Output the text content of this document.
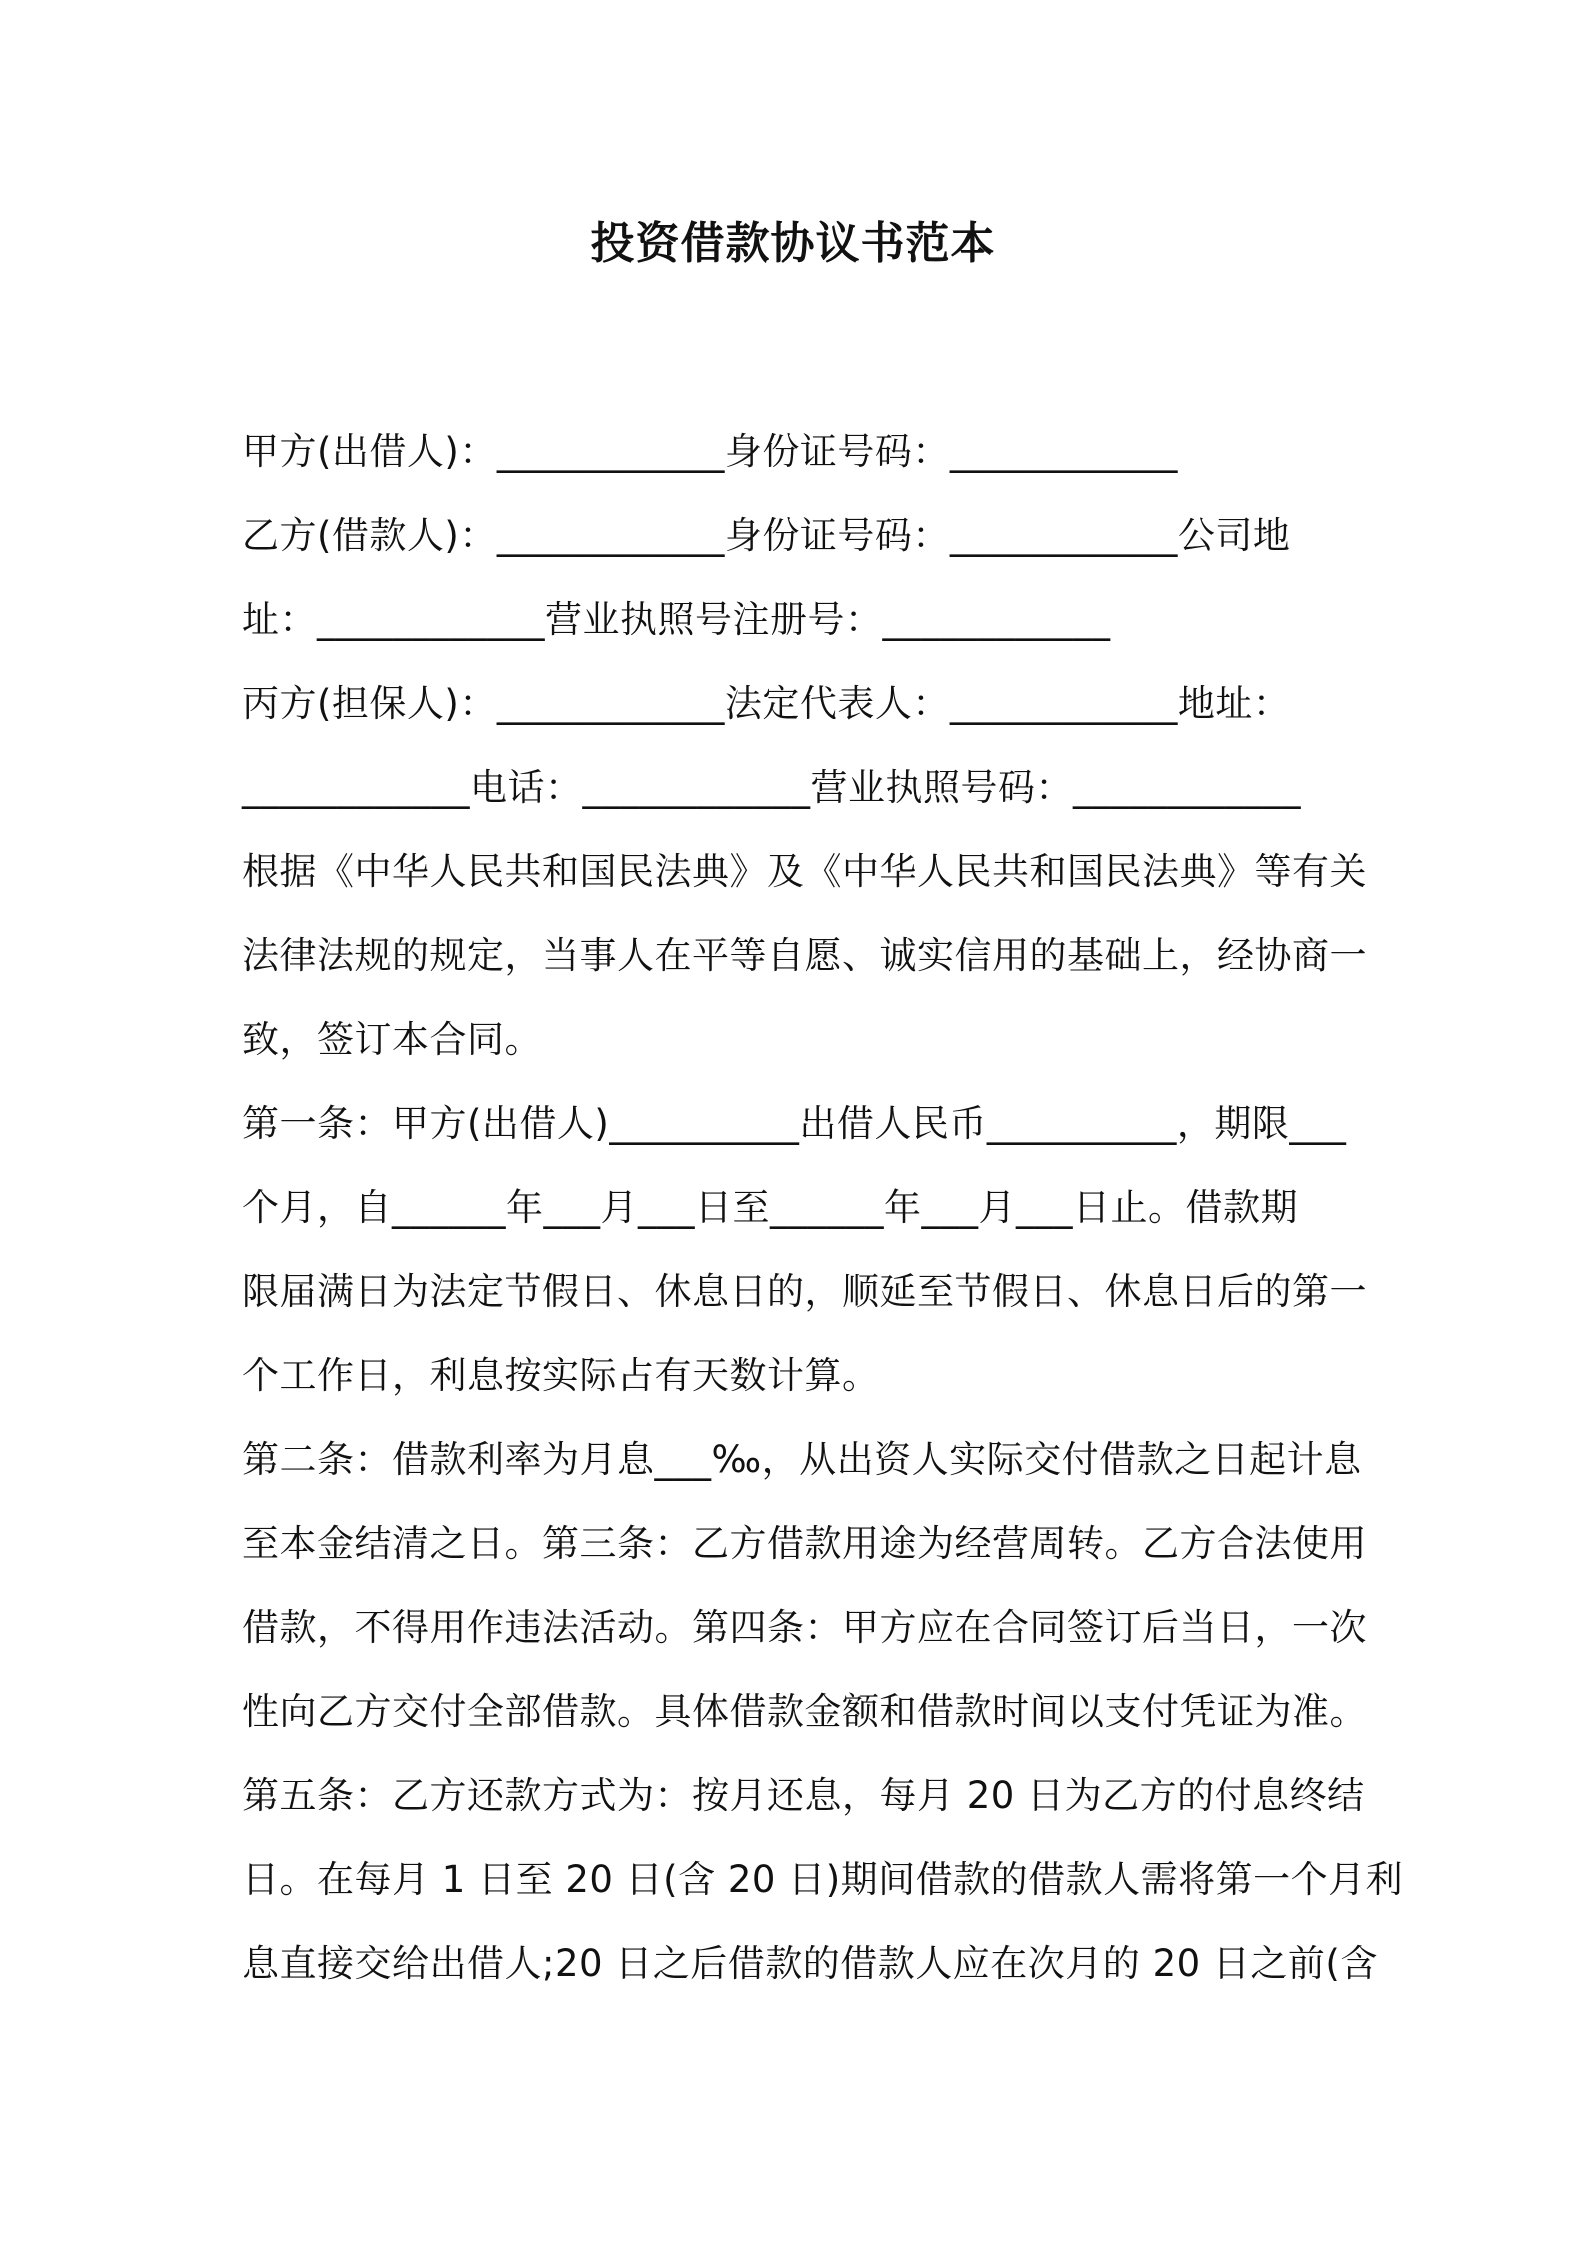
投资借款协议书范本
甲方(出借人)：____________身份证号码：____________
乙方(借款人)：____________身份证号码：____________公司地
址：____________营业执照号注册号：____________
丙方(担保人)：____________法定代表人：____________地址：
____________电话：____________营业执照号码：____________
根据《中华人民共和国民法典》及《中华人民共和国民法典》等有关
法律法规的规定，当事人在平等自愿、诚实信用的基础上，经协商一
致，签订本合同。
第一条：甲方(出借人)__________出借人民币__________，期限___
个月，自______年___月___日至______年___月___日止。借款期
限届满日为法定节假日、休息日的，顺延至节假日、休息日后的第一
个工作日，利息按实际占有天数计算。
第二条：借款利率为月息___‰，从出资人实际交付借款之日起计息
至本金结清之日。第三条：乙方借款用途为经营周转。乙方合法使用
借款，不得用作违法活动。第四条：甲方应在合同签订后当日，一次
性向乙方交付全部借款。具体借款金额和借款时间以支付凭证为准。
第五条：乙方还款方式为：按月还息，每月 20 日为乙方的付息终结
日。在每月 1 日至 20 日(含 20 日)期间借款的借款人需将第一个月利
息直接交给出借人;20 日之后借款的借款人应在次月的 20 日之前(含
